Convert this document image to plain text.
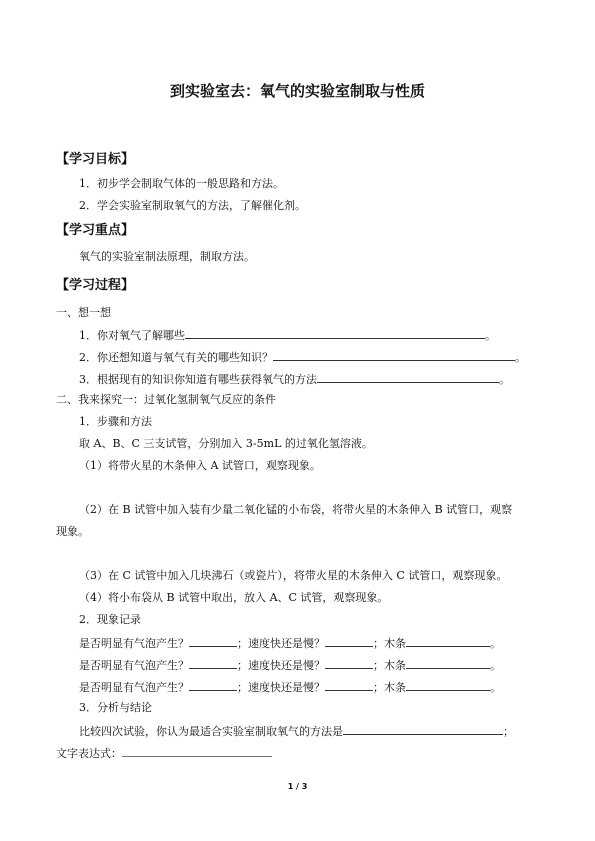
到实验室去：氧气的实验室制取与性质
【学习目标】
1．初步学会制取气体的一般思路和方法。
2．学会实验室制取氧气的方法，了解催化剂。
【学习重点】
氧气的实验室制法原理，制取方法。
【学习过程】
一、想一想
1．你对氧气了解哪些	。
2．你还想知道与氧气有关的哪些知识？	。
3．根据现有的知识你知道有哪些获得氧气的方法	。
二、我来探究一：过氧化氢制氧气反应的条件
1．步骤和方法
取 A、B、C 三支试管，分别加入 3-5mL 的过氧化氢溶液。
（1）将带火星的木条伸入 A 试管口，观察现象。
（2）在 B 试管中加入装有少量二氧化锰的小布袋，将带火星的木条伸入 B 试管口，观察
现象。
（3）在 C 试管中加入几块沸石（或瓷片），将带火星的木条伸入 C 试管口，观察现象。
（4）将小布袋从 B 试管中取出，放入 A、C 试管，观察现象。
2．现象记录
是否明显有气泡产生？	；速度快还是慢？	；木条	。
是否明显有气泡产生？	；速度快还是慢？	；木条	。
是否明显有气泡产生？	；速度快还是慢？	；木条	。
3．分析与结论
比较四次试验，你认为最适合实验室制取氧气的方法是	；
文字表达式：
1 / 3
